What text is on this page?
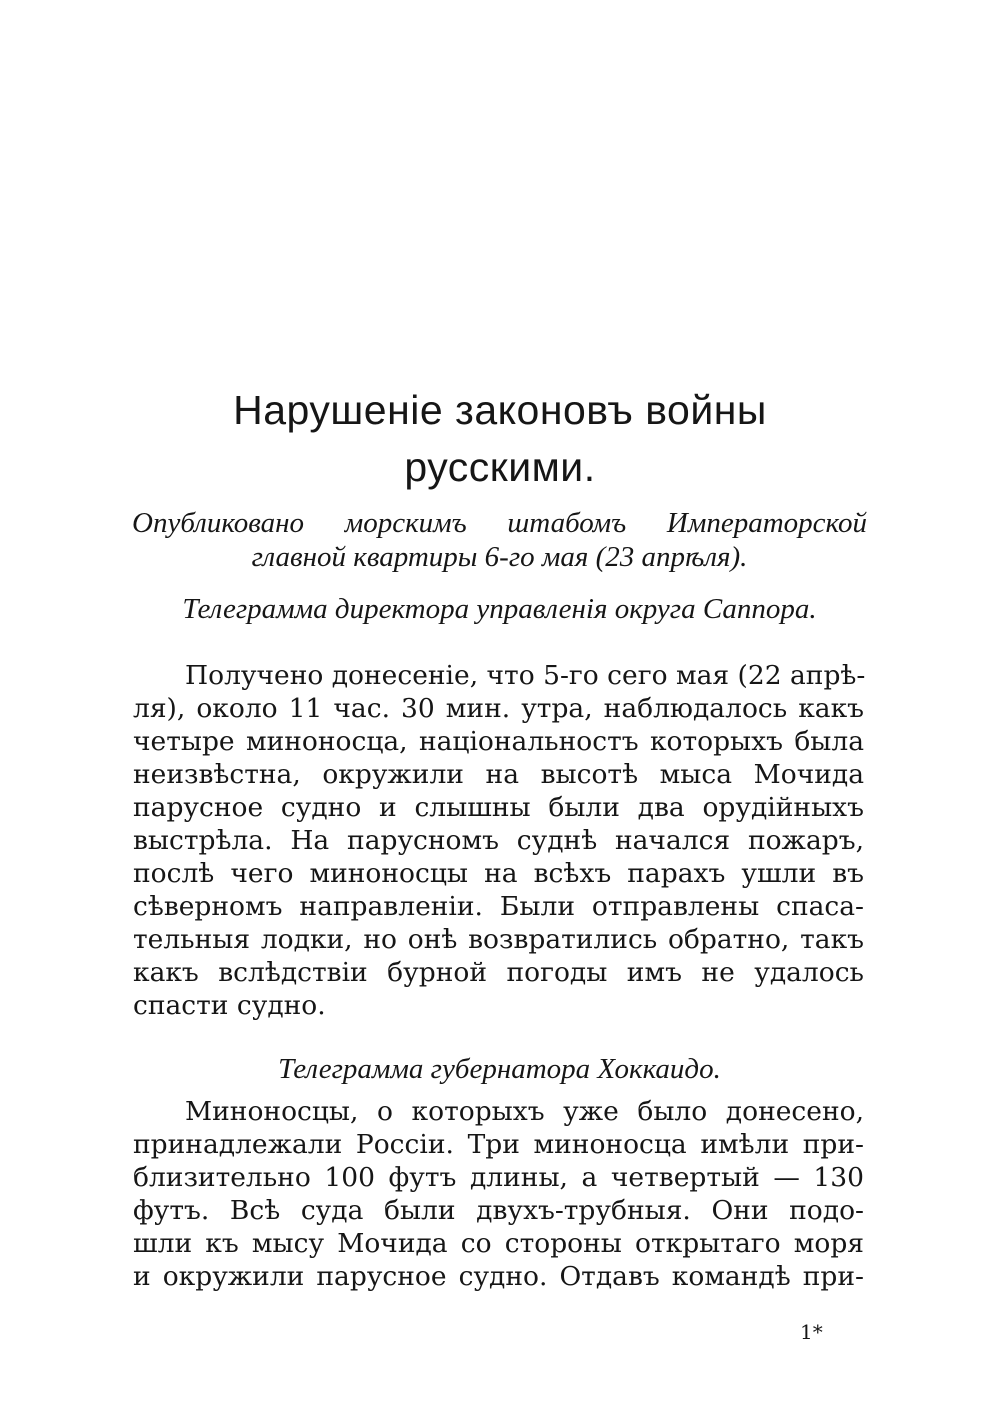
Нарушеніе законовъ войны
русскими.
Опубликовано морскимъ штабомъ Императорской
главной квартиры 6-го мая (23 апрѣля).
Телеграмма директора управленія округа Саппора.
Получено донесеніе, что 5-го сего мая (22 апрѣ-
ля), около 11 час. 30 мин. утра, наблюдалось какъ
четыре миноносца, національностъ которыхъ была
неизвѣстна, окружили на высотѣ мыса Мочида
парусное судно и слышны были два орудійныхъ
выстрѣла. На парусномъ суднѣ начался пожаръ,
послѣ чего миноносцы на всѣхъ парахъ ушли въ
сѣверномъ направленіи. Были отправлены спаса-
тельныя лодки, но онѣ возвратились обратно, такъ
какъ вслѣдствіи бурной погоды имъ не удалось
спасти судно.
Телеграмма губернатора Хоккаидо.
Миноносцы, о которыхъ уже было донесено,
принадлежали Россіи. Три миноносца имѣли при-
близительно 100 футъ длины, а четвертый — 130
футъ. Всѣ суда были двухъ-трубныя. Они подо-
шли къ мысу Мочида со стороны открытаго моря
и окружили парусное судно. Отдавъ командѣ при-
1*
